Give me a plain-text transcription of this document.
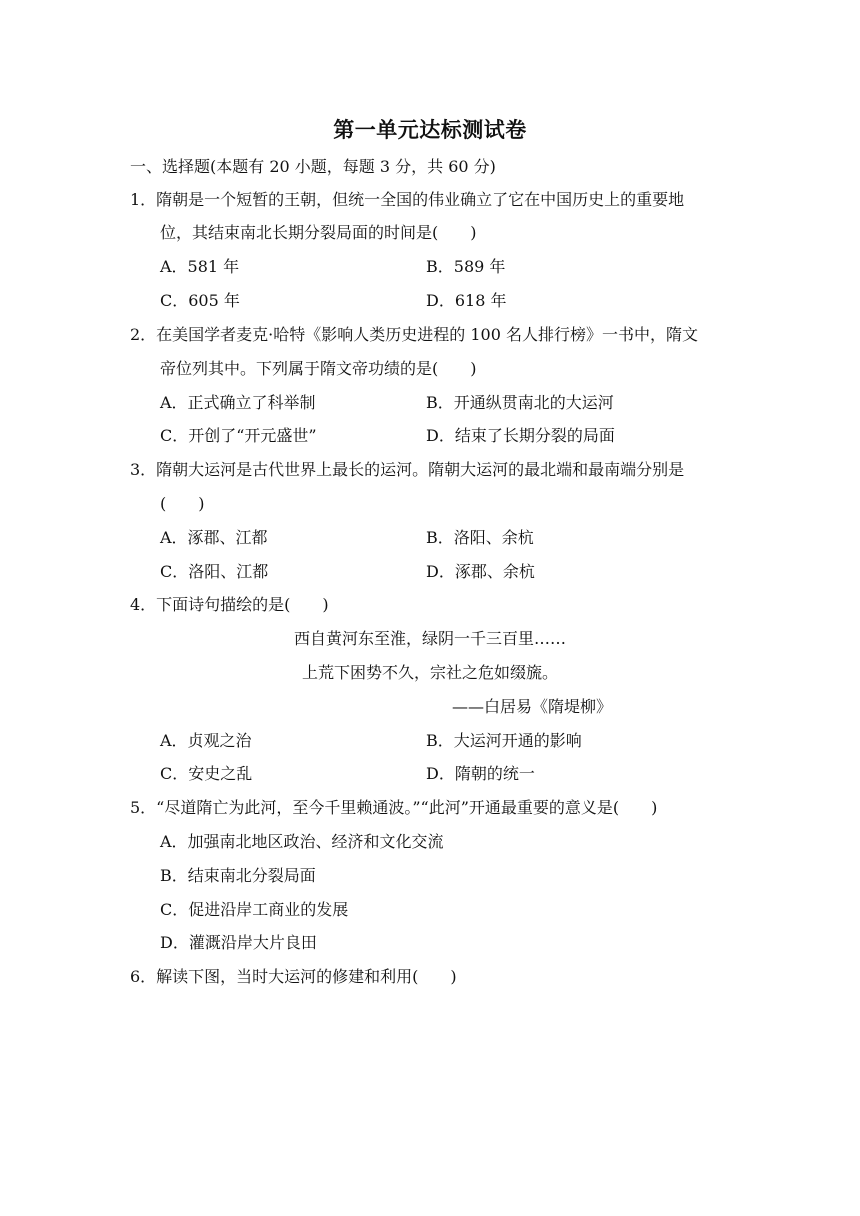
第一单元达标测试卷
一、选择题(本题有 20 小题，每题 3 分，共 60 分)
1．隋朝是一个短暂的王朝，但统一全国的伟业确立了它在中国历史上的重要地
位，其结束南北长期分裂局面的时间是(　　)
A．581 年	B．589 年
C．605 年	D．618 年
2．在美国学者麦克·哈特《影响人类历史进程的 100 名人排行榜》一书中，隋文
帝位列其中。下列属于隋文帝功绩的是(　　)
A．正式确立了科举制	B．开通纵贯南北的大运河
C．开创了“开元盛世”	D．结束了长期分裂的局面
3．隋朝大运河是古代世界上最长的运河。隋朝大运河的最北端和最南端分别是
(　　)
A．涿郡、江都	B．洛阳、余杭
C．洛阳、江都	D．涿郡、余杭
4．下面诗句描绘的是(　　)
西自黄河东至淮，绿阴一千三百里……
上荒下困势不久，宗社之危如缀旒。
——白居易《隋堤柳》
A．贞观之治	B．大运河开通的影响
C．安史之乱	D．隋朝的统一
5．“尽道隋亡为此河，至今千里赖通波。”“此河”开通最重要的意义是(　　)
A．加强南北地区政治、经济和文化交流
B．结束南北分裂局面
C．促进沿岸工商业的发展
D．灌溉沿岸大片良田
6．解读下图，当时大运河的修建和利用(　　)
